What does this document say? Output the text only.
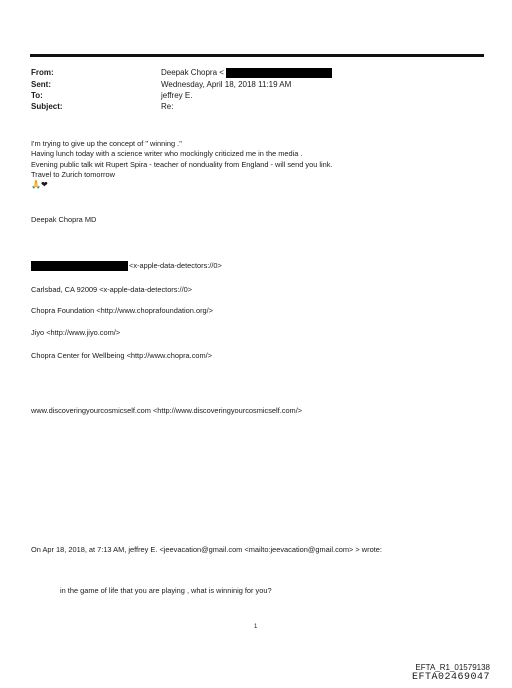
From:	Deepak Chopra <
Sent:	Wednesday, April 18, 2018 11:19 AM
To:	jeffrey E.
Subject:	Re:
I'm trying to give up the concept of " winning ."
Having lunch today with a science writer who mockingly criticized me in the media .
Evening public talk wit Rupert Spira - teacher of nonduality from England - will send you link.
Travel to Zurich tomorrow
🙏❤
Deepak Chopra MD
<x-apple-data-detectors://0>
Carlsbad, CA 92009 <x-apple-data-detectors://0>
Chopra Foundation <http://www.choprafoundation.org/>
Jiyo <http://www.jiyo.com/>
Chopra Center for Wellbeing <http://www.chopra.com/>
www.discoveringyourcosmicself.com <http://www.discoveringyourcosmicself.com/>
On Apr 18, 2018, at 7:13 AM, jeffrey E. <jeevacation@gmail.com <mailto:jeevacation@gmail.com> > wrote:
in the game of life that you are playing , what is winninig for you?
1
EFTA_R1_01579138
EFTA02469047
